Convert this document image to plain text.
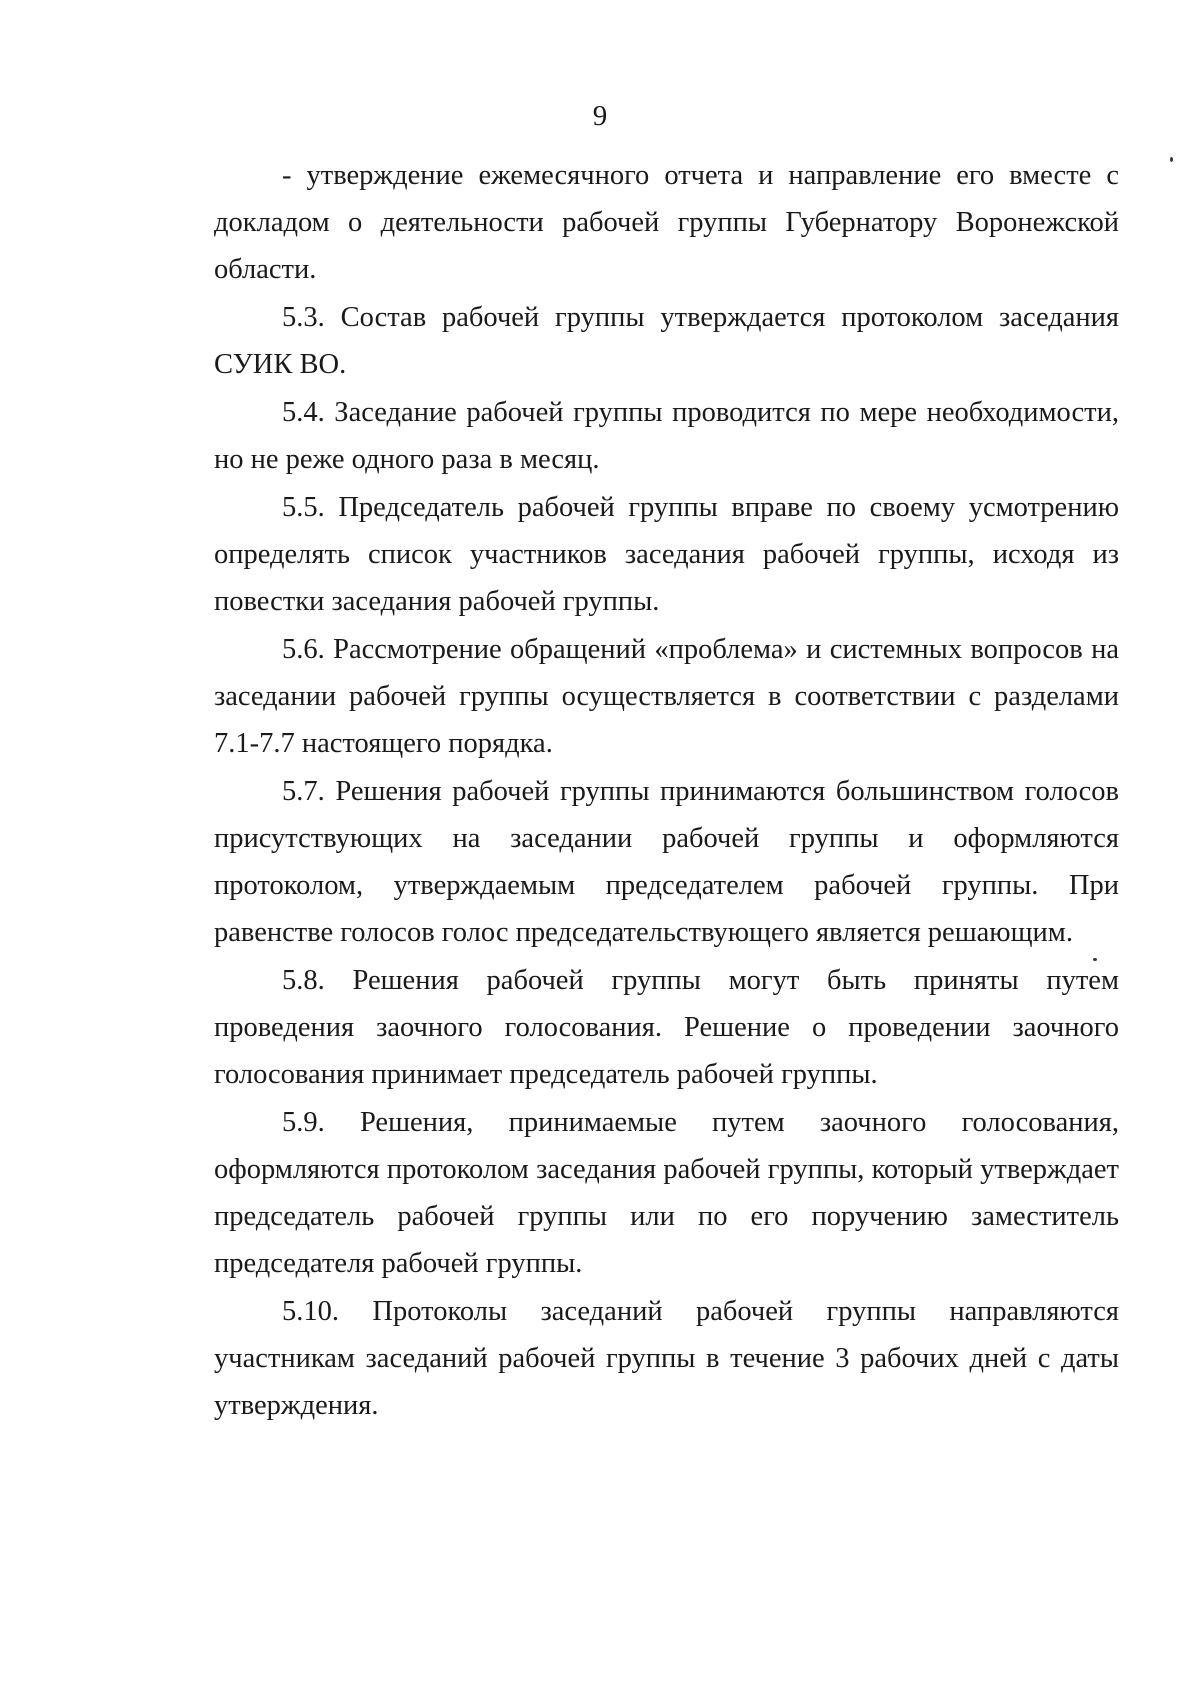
9

- утверждение ежемесячного отчета и направление его вместе с докладом о деятельности рабочей группы Губернатору Воронежской области.

5.3. Состав рабочей группы утверждается протоколом заседания СУИК ВО.

5.4. Заседание рабочей группы проводится по мере необходимости, но не реже одного раза в месяц.

5.5. Председатель рабочей группы вправе по своему усмотрению определять список участников заседания рабочей группы, исходя из повестки заседания рабочей группы.

5.6. Рассмотрение обращений «проблема» и системных вопросов на заседании рабочей группы осуществляется в соответствии с разделами 7.1-7.7 настоящего порядка.

5.7. Решения рабочей группы принимаются большинством голосов присутствующих на заседании рабочей группы и оформляются протоколом, утверждаемым председателем рабочей группы. При равенстве голосов голос председательствующего является решающим.

5.8. Решения рабочей группы могут быть приняты путем проведения заочного голосования. Решение о проведении заочного голосования принимает председатель рабочей группы.

5.9. Решения, принимаемые путем заочного голосования, оформляются протоколом заседания рабочей группы, который утверждает председатель рабочей группы или по его поручению заместитель председателя рабочей группы.

5.10. Протоколы заседаний рабочей группы направляются участникам заседаний рабочей группы в течение 3 рабочих дней с даты утверждения.
